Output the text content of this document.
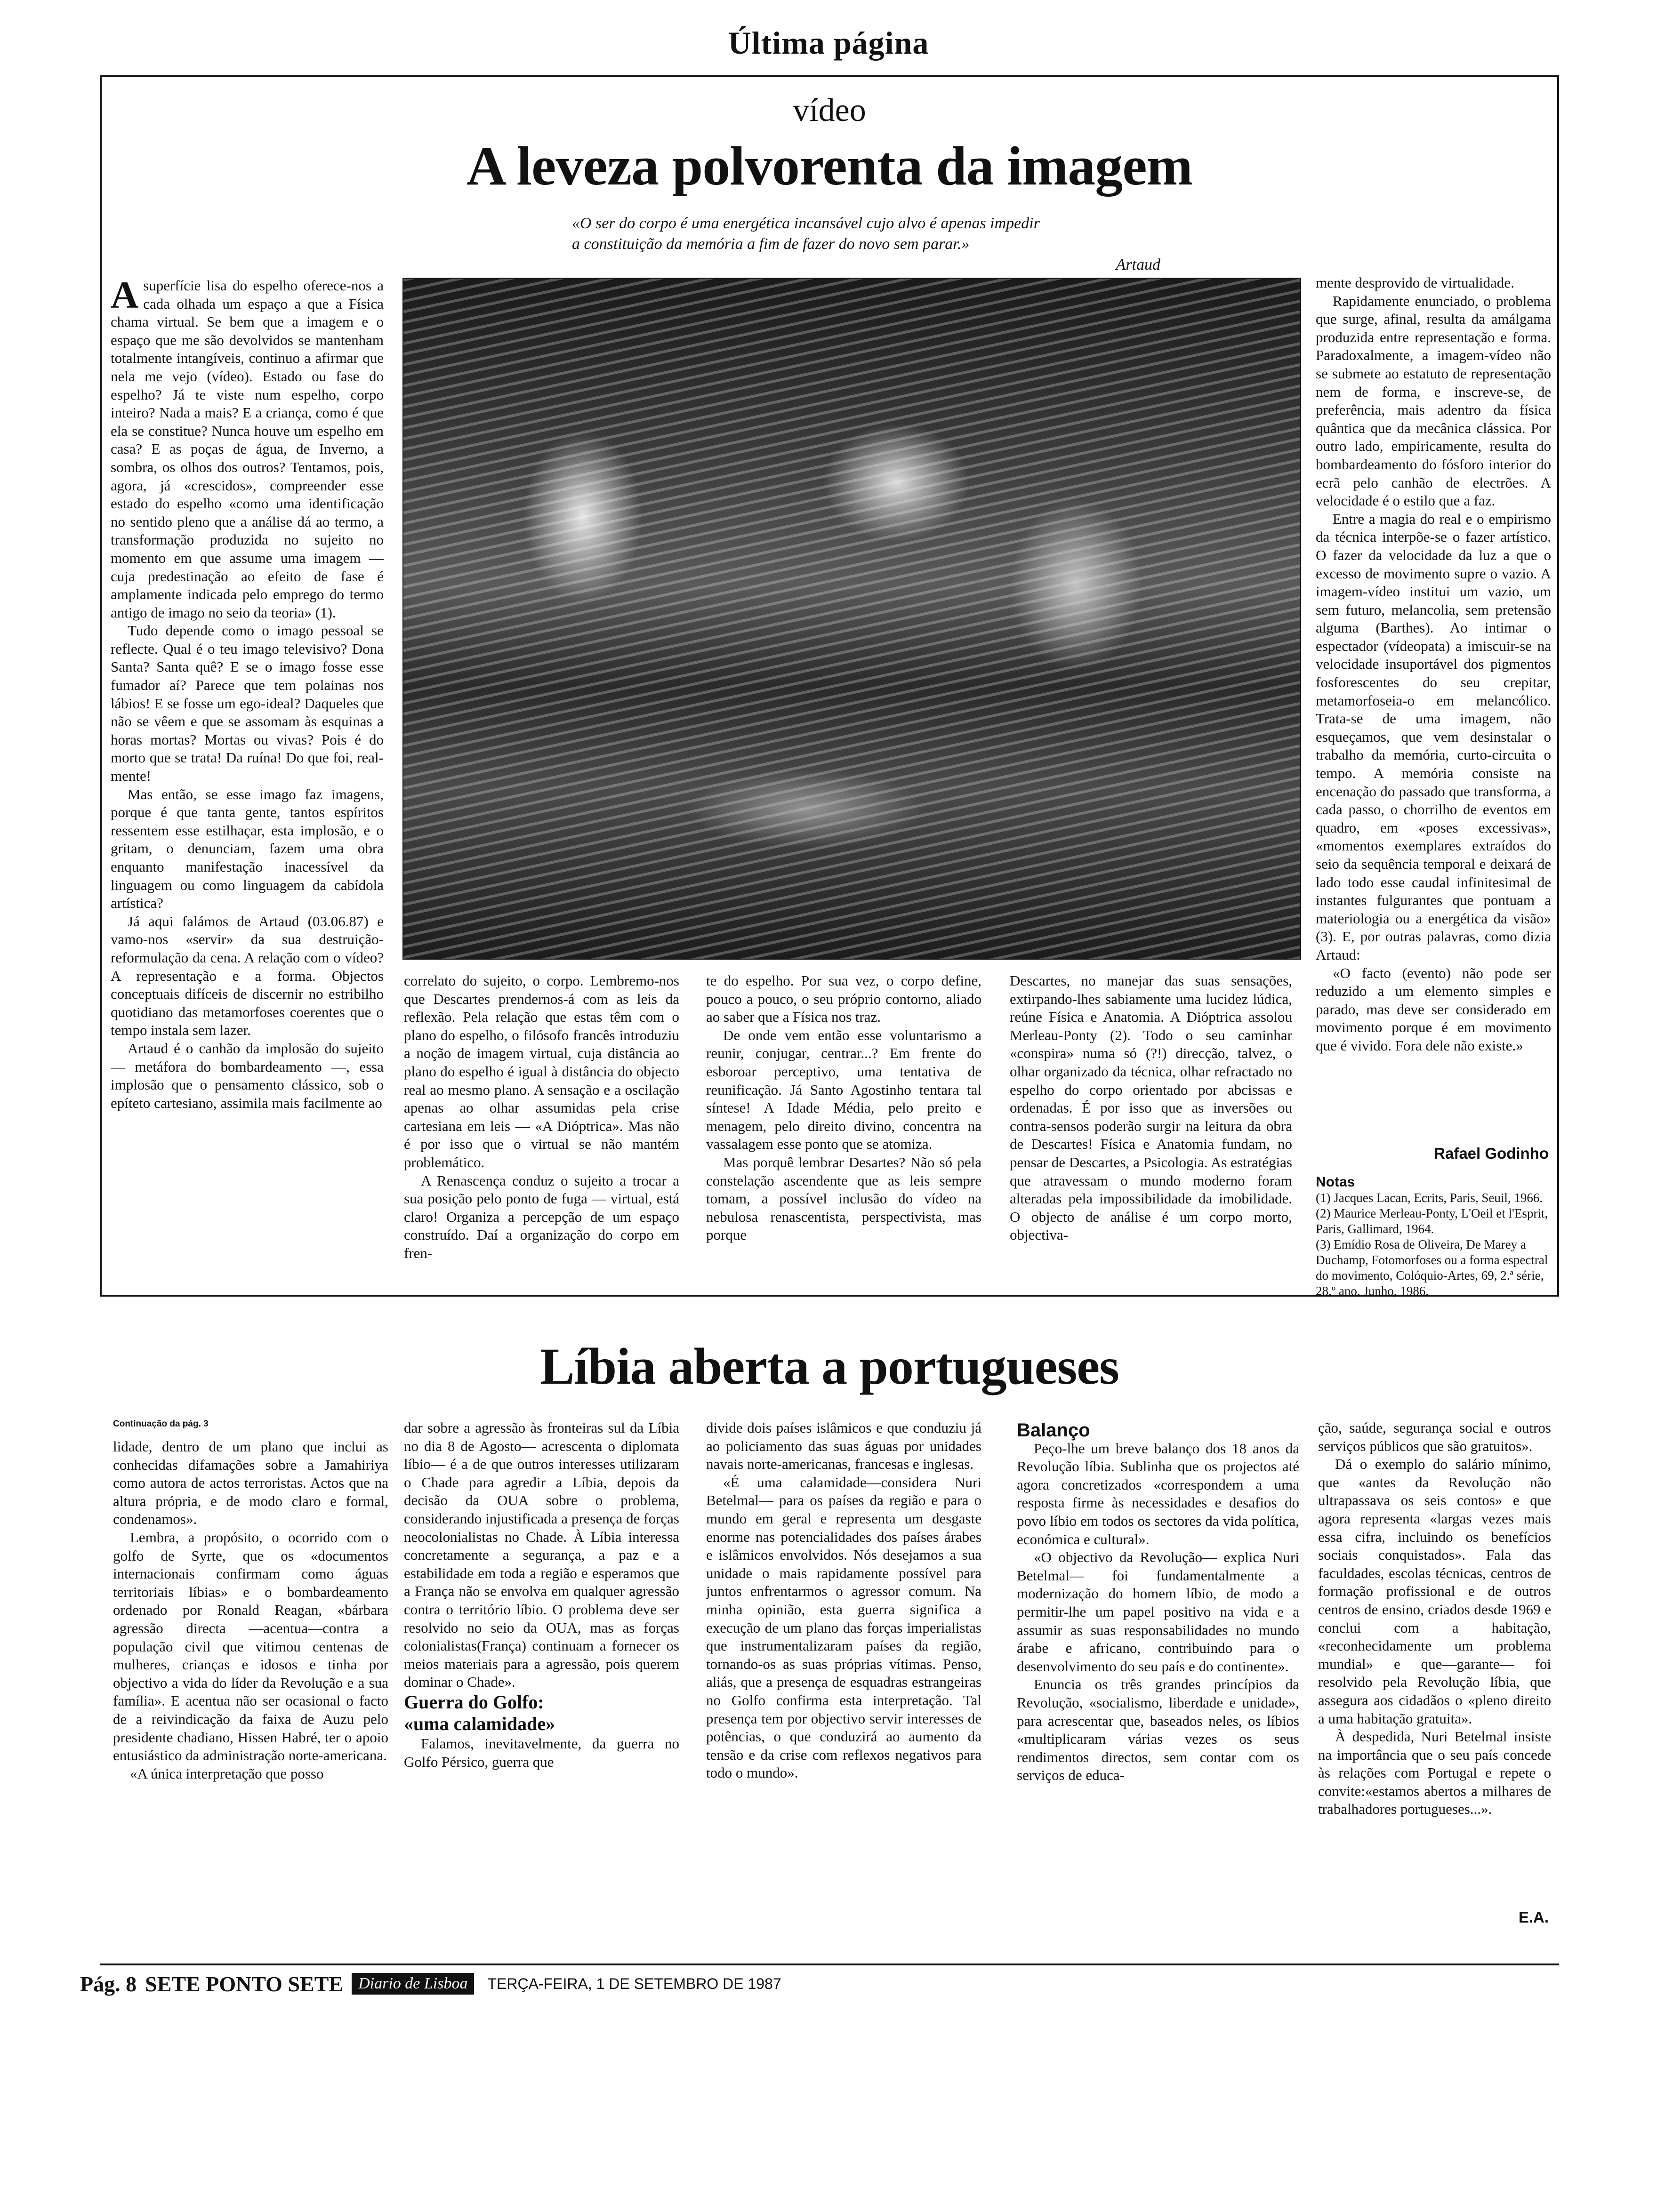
Última página
vídeo
A leveza polvorenta da imagem
«O ser do corpo é uma energética incansável cujo alvo é apenas impedir
a constituição da memória a fim de fazer do novo sem parar.»
Artaud

Asuperfície lisa do espelho oferece-nos a cada olhada um espaço a que a Física chama virtual. Se bem que a imagem e o espaço que me são devolvidos se mantenham totalmente intangíveis, continuo a afirmar que nela me vejo (vídeo). Estado ou fase do espelho? Já te viste num espelho, corpo inteiro? Nada a mais? E a criança, como é que ela se constitue? Nunca houve um espelho em casa? E as poças de água, de Inverno, a sombra, os olhos dos outros? Tentamos, pois, agora, já «crescidos», compreender esse estado do espelho «como uma identificação no sentido pleno que a análise dá ao termo, a transformação produzida no sujeito no momento em que assume uma imagem — cuja predestinação ao efeito de fase é amplamente indicada pelo emprego do termo antigo de imago no seio da teoria» (1).

Tudo depende como o imago pessoal se reflecte. Qual é o teu imago televisivo? Dona Santa? Santa quê? E se o imago fosse esse fumador aí? Parece que tem polainas nos lábios! E se fosse um ego-ideal? Daqueles que não se vêem e que se assomam às esquinas a horas mortas? Mortas ou vivas? Pois é do morto que se trata! Da ruína! Do que foi, real-mente!

Mas então, se esse imago faz imagens, porque é que tanta gente, tantos espíritos ressentem esse estilhaçar, esta implosão, e o gritam, o denunciam, fazem uma obra enquanto manifestação inacessível da linguagem ou como linguagem da cabídola artística?

Já aqui falámos de Artaud (03.06.87) e vamo-nos «servir» da sua destruição-reformulação da cena. A relação com o vídeo? A representação e a forma. Objectos conceptuais difíceis de discernir no estribilho quotidiano das metamorfoses coerentes que o tempo instala sem lazer.

Artaud é o canhão da implosão do sujeito — metáfora do bombardeamento —, essa implosão que o pensamento clássico, sob o epíteto cartesiano, assimila mais facilmente ao

correlato do sujeito, o corpo. Lembremo-nos que Descartes prendernos-á com as leis da reflexão. Pela relação que estas têm com o plano do espelho, o filósofo francês introduziu a noção de imagem virtual, cuja distância ao plano do espelho é igual à distância do objecto real ao mesmo plano. A sensação e a oscilação apenas ao olhar assumidas pela crise cartesiana em leis — «A Dióptrica». Mas não é por isso que o virtual se não mantém problemático.

A Renascença conduz o sujeito a trocar a sua posição pelo ponto de fuga — virtual, está claro! Organiza a percepção de um espaço construído. Daí a organização do corpo em fren-

te do espelho. Por sua vez, o corpo define, pouco a pouco, o seu próprio contorno, aliado ao saber que a Física nos traz.

De onde vem então esse voluntarismo a reunir, conjugar, centrar...? Em frente do esboroar perceptivo, uma tentativa de reunificação. Já Santo Agostinho tentara tal síntese! A Idade Média, pelo preito e menagem, pelo direito divino, concentra na vassalagem esse ponto que se atomiza.

Mas porquê lembrar Desartes? Não só pela constelação ascendente que as leis sempre tomam, a possível inclusão do vídeo na nebulosa renascentista, perspectivista, mas porque

Descartes, no manejar das suas sensações, extirpando-lhes sabiamente uma lucidez lúdica, reúne Física e Anatomia. A Dióptrica assolou Merleau-Ponty (2). Todo o seu caminhar «conspira» numa só (?!) direcção, talvez, o olhar organizado da técnica, olhar refractado no espelho do corpo orientado por abcissas e ordenadas. É por isso que as inversões ou contra-sensos poderão surgir na leitura da obra de Descartes! Física e Anatomia fundam, no pensar de Descartes, a Psicologia. As estratégias que atravessam o mundo moderno foram alteradas pela impossibilidade da imobilidade. O objecto de análise é um corpo morto, objectiva-

mente desprovido de virtualidade.

Rapidamente enunciado, o problema que surge, afinal, resulta da amálgama produzida entre representação e forma. Paradoxalmente, a imagem-vídeo não se submete ao estatuto de representação nem de forma, e inscreve-se, de preferência, mais adentro da física quântica que da mecânica clássica. Por outro lado, empiricamente, resulta do bombardeamento do fósforo interior do ecrã pelo canhão de electrões. A velocidade é o estilo que a faz.

Entre a magia do real e o empirismo da técnica interpõe-se o fazer artístico. O fazer da velocidade da luz a que o excesso de movimento supre o vazio. A imagem-vídeo institui um vazio, um sem futuro, melancolia, sem pretensão alguma (Barthes). Ao intimar o espectador (vídeopata) a imiscuir-se na velocidade insuportável dos pigmentos fosforescentes do seu crepitar, metamorfoseia-o em melancólico. Trata-se de uma imagem, não esqueçamos, que vem desinstalar o trabalho da memória, curto-circuita o tempo. A memória consiste na encenação do passado que transforma, a cada passo, o chorrilho de eventos em quadro, em «poses excessivas», «momentos exemplares extraídos do seio da sequência temporal e deixará de lado todo esse caudal infinitesimal de instantes fulgurantes que pontuam a materiologia ou a energética da visão» (3). E, por outras palavras, como dizia Artaud:

«O facto (evento) não pode ser reduzido a um elemento simples e parado, mas deve ser considerado em movimento porque é em movimento que é vivido. Fora dele não existe.»

Rafael Godinho
Notas
(1) Jacques Lacan, Ecrits, Paris, Seuil, 1966.
(2) Maurice Merleau-Ponty, L'Oeil et l'Esprit, Paris, Gallimard, 1964.
(3) Emídio Rosa de Oliveira, De Marey a Duchamp, Fotomorfoses ou a forma espectral do movimento, Colóquio-Artes, 69, 2.ª série, 28.º ano, Junho, 1986.
Líbia aberta a portugueses
Continuação da pág. 3

lidade, dentro de um plano que inclui as conhecidas difamações sobre a Jamahiriya como autora de actos terroristas. Actos que na altura própria, e de modo claro e formal, condenamos».

Lembra, a propósito, o ocorrido com o golfo de Syrte, que os «documentos internacionais confirmam como águas territoriais líbias» e o bombardeamento ordenado por Ronald Reagan, «bárbara agressão directa —acentua—contra a população civil que vitimou centenas de mulheres, crianças e idosos e tinha por objectivo a vida do líder da Revolução e a sua família». E acentua não ser ocasional o facto de a reivindicação da faixa de Auzu pelo presidente chadiano, Hissen Habré, ter o apoio entusiástico da administração norte-americana.

«A única interpretação que posso

dar sobre a agressão às fronteiras sul da Líbia no dia 8 de Agosto— acrescenta o diplomata líbio— é a de que outros interesses utilizaram o Chade para agredir a Líbia, depois da decisão da OUA sobre o problema, considerando injustificada a presença de forças neocolonialistas no Chade. À Líbia interessa concretamente a segurança, a paz e a estabilidade em toda a região e esperamos que a França não se envolva em qualquer agressão contra o território líbio. O problema deve ser resolvido no seio da OUA, mas as forças colonialistas(França) continuam a fornecer os meios materiais para a agressão, pois querem dominar o Chade».

Guerra do Golfo:
«uma calamidade»

Falamos, inevitavelmente, da guerra no Golfo Pérsico, guerra que

divide dois países islâmicos e que conduziu já ao policiamento das suas águas por unidades navais norte-americanas, francesas e inglesas.

«É uma calamidade—considera Nuri Betelmal— para os países da região e para o mundo em geral e representa um desgaste enorme nas potencialidades dos países árabes e islâmicos envolvidos. Nós desejamos a sua unidade o mais rapidamente possível para juntos enfrentarmos o agressor comum. Na minha opinião, esta guerra significa a execução de um plano das forças imperialistas que instrumentalizaram países da região, tornando-os as suas próprias vítimas. Penso, aliás, que a presença de esquadras estrangeiras no Golfo confirma esta interpretação. Tal presença tem por objectivo servir interesses de potências, o que conduzirá ao aumento da tensão e da crise com reflexos negativos para todo o mundo».

Balanço

Peço-lhe um breve balanço dos 18 anos da Revolução líbia. Sublinha que os projectos até agora concretizados «correspondem a uma resposta firme às necessidades e desafios do povo líbio em todos os sectores da vida política, económica e cultural».

«O objectivo da Revolução— explica Nuri Betelmal— foi fundamentalmente a modernização do homem líbio, de modo a permitir-lhe um papel positivo na vida e a assumir as suas responsabilidades no mundo árabe e africano, contribuindo para o desenvolvimento do seu país e do continente».

Enuncia os três grandes princípios da Revolução, «socialismo, liberdade e unidade», para acrescentar que, baseados neles, os líbios «multiplicaram várias vezes os seus rendimentos directos, sem contar com os serviços de educa-

ção, saúde, segurança social e outros serviços públicos que são gratuitos».

Dá o exemplo do salário mínimo, que «antes da Revolução não ultrapassava os seis contos» e que agora representa «largas vezes mais essa cifra, incluindo os benefícios sociais conquistados». Fala das faculdades, escolas técnicas, centros de formação profissional e de outros centros de ensino, criados desde 1969 e conclui com a habitação, «reconhecidamente um problema mundial» e que—garante— foi resolvido pela Revolução líbia, que assegura aos cidadãos o «pleno direito a uma habitação gratuita».

À despedida, Nuri Betelmal insiste na importância que o seu país concede às relações com Portugal e repete o convite:«estamos abertos a milhares de trabalhadores portugueses...».

E.A.
Pág. 8 SETE PONTO SETE Diario de Lisboa	TERÇA-FEIRA, 1 DE SETEMBRO DE 1987
